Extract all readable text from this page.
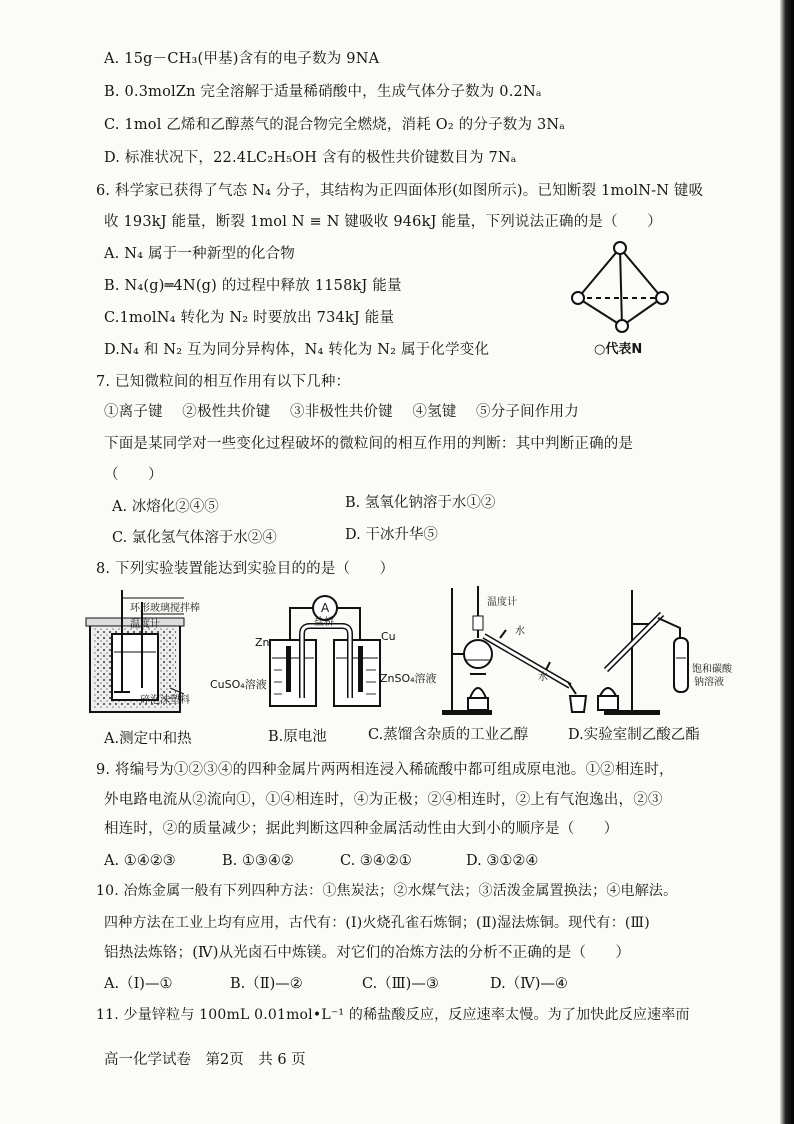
A. 15g－CH₃(甲基)含有的电子数为 9NA
B. 0.3molZn 完全溶解于适量稀硝酸中，生成气体分子数为 0.2Nₐ
C. 1mol 乙烯和乙醇蒸气的混合物完全燃烧，消耗 O₂ 的分子数为 3Nₐ
D. 标准状况下，22.4LC₂H₅OH 含有的极性共价键数目为 7Nₐ
6. 科学家已获得了气态 N₄ 分子，其结构为正四面体形(如图所示)。已知断裂 1molN-N 键吸
收 193kJ 能量，断裂 1mol N ≡ N 键吸收 946kJ 能量，下列说法正确的是（　　）
A. N₄ 属于一种新型的化合物
B. N₄(g)═4N(g) 的过程中释放 1158kJ 能量
C.1molN₄ 转化为 N₂ 时要放出 734kJ 能量
D.N₄ 和 N₂ 互为同分异构体，N₄ 转化为 N₂ 属于化学变化	○代表N
7. 已知微粒间的相互作用有以下几种：
①离子键　 ②极性共价键　 ③非极性共价键　 ④氢键　 ⑤分子间作用力
下面是某同学对一些变化过程破坏的微粒间的相互作用的判断：其中判断正确的是
（　　）
A. 冰熔化②④⑤	B. 氢氧化钠溶于水①②
C. 氯化氢气体溶于水②④	D. 干冰升华⑤
8. 下列实验装置能达到实验目的的是（　　）
环形玻璃搅拌棒
温度计
碎泡沫塑料
A
盐桥
Zn	Cu
CuSO₄溶液	ZnSO₄溶液
温度计
水
水
饱和碳酸
钠溶液
A.测定中和热	B.原电池	C.蒸馏含杂质的工业乙醇	D.实验室制乙酸乙酯
9. 将编号为①②③④的四种金属片两两相连浸入稀硫酸中都可组成原电池。①②相连时，
外电路电流从②流向①，①④相连时，④为正极；②④相连时，②上有气泡逸出，②③
相连时，②的质量减少；据此判断这四种金属活动性由大到小的顺序是（　　）
A. ①④②③	B. ①③④②	C. ③④②①	D. ③①②④
10. 冶炼金属一般有下列四种方法：①焦炭法；②水煤气法；③活泼金属置换法；④电解法。
四种方法在工业上均有应用，古代有：(Ⅰ)火烧孔雀石炼铜；(Ⅱ)湿法炼铜。现代有：(Ⅲ)
铝热法炼铬；(Ⅳ)从光卤石中炼镁。对它们的冶炼方法的分析不正确的是（　　）
A.（Ⅰ)—①	B.（Ⅱ)—②	C.（Ⅲ)—③	D.（Ⅳ)—④
11. 少量锌粒与 100mL 0.01mol•L⁻¹ 的稀盐酸反应，反应速率太慢。为了加快此反应速率而
高一化学试卷　第2页　共 6 页
